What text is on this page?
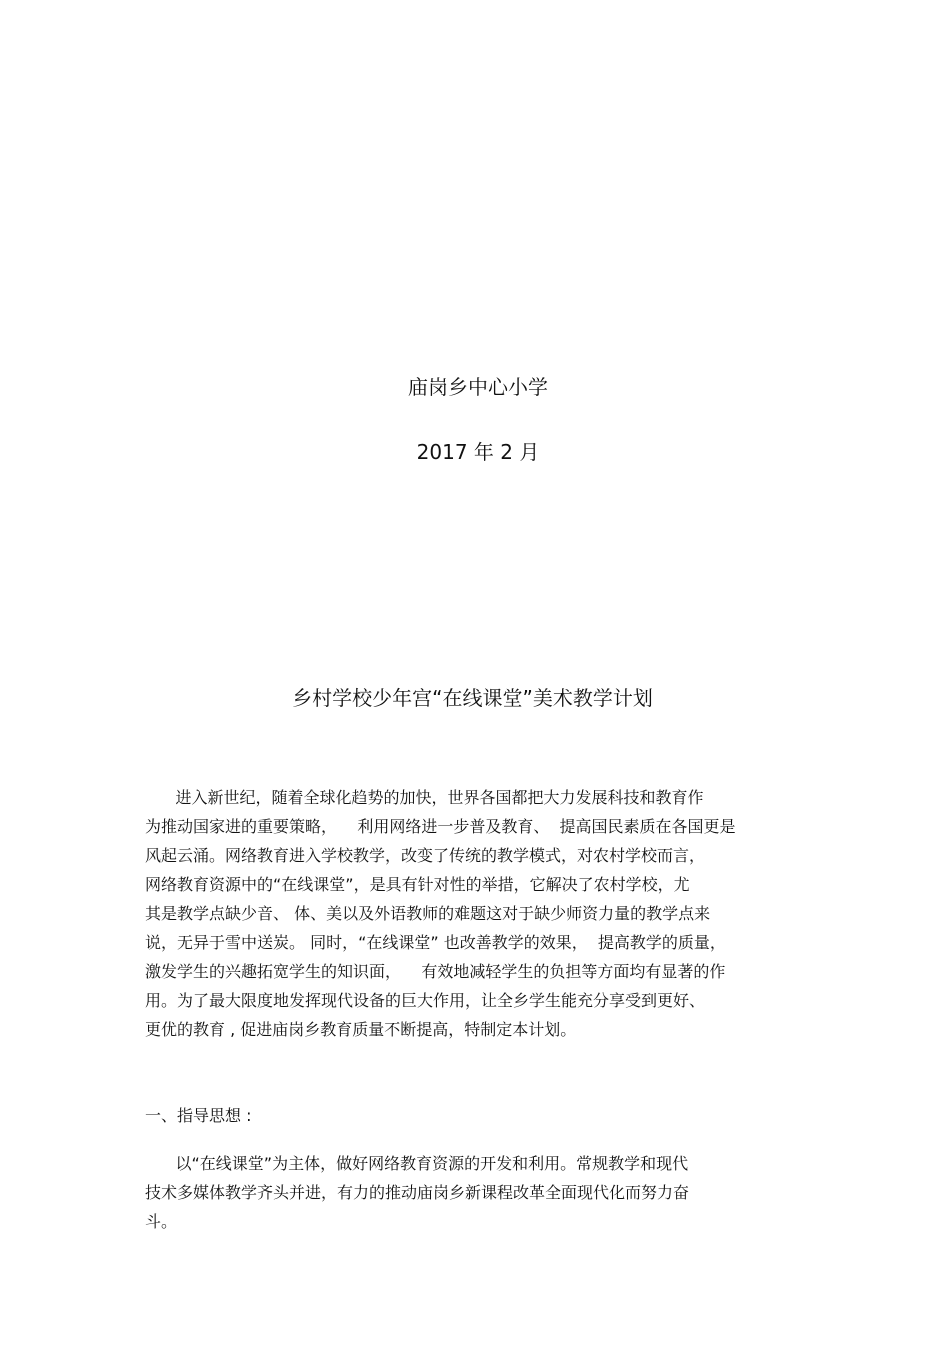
庙岗乡中心小学
2017 年 2 月
乡村学校少年宫“在线课堂”美术教学计划
进入新世纪，随着全球化趋势的加快，世界各国都把大力发展科技和教育作
为推动国家进的重要策略，    利用网络进一步普及教育、  提高国民素质在各国更是
风起云涌。网络教育进入学校教学，改变了传统的教学模式，对农村学校而言，
网络教育资源中的“在线课堂”，是具有针对性的举措，它解决了农村学校，尤
其是教学点缺少音、 体、美以及外语教师的难题这对于缺少师资力量的教学点来
说，无异于雪中送炭。 同时，“在线课堂” 也改善教学的效果，  提高教学的质量，
激发学生的兴趣拓宽学生的知识面，    有效地减轻学生的负担等方面均有显著的作
用。为了最大限度地发挥现代设备的巨大作用，让全乡学生能充分享受到更好、
更优的教育 , 促进庙岗乡教育质量不断提高，特制定本计划。
一、指导思想 :
以“在线课堂”为主体，做好网络教育资源的开发和利用。常规教学和现代
技术多媒体教学齐头并进，有力的推动庙岗乡新课程改革全面现代化而努力奋
斗。
